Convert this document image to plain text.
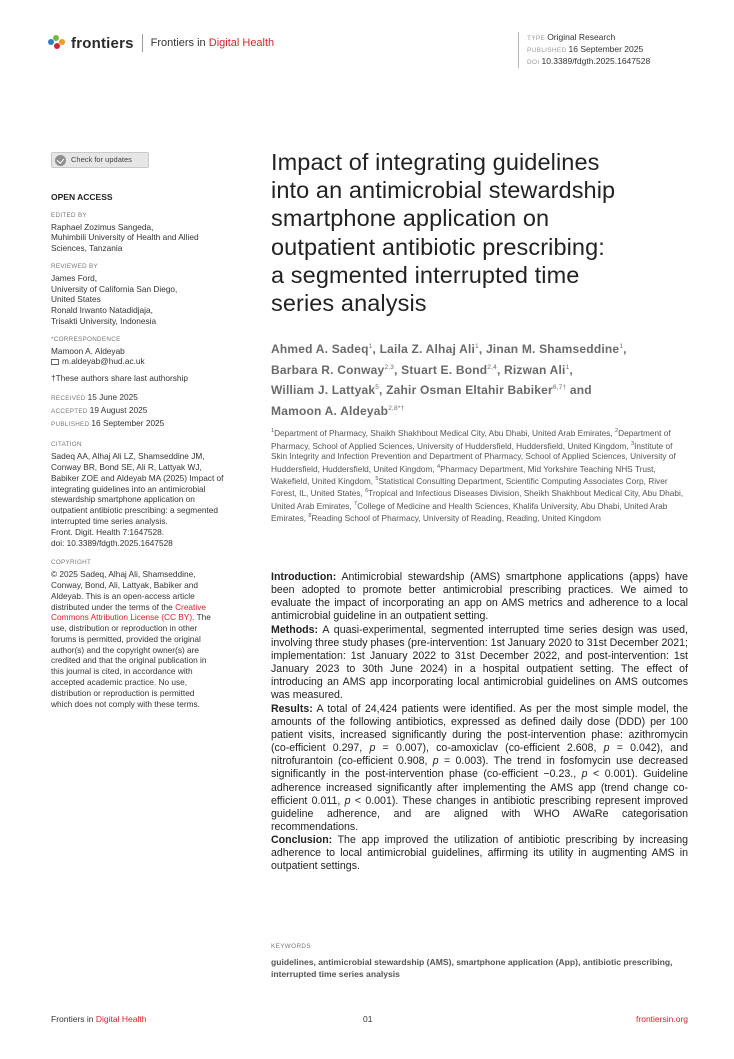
frontiers Frontiers in Digital Health	TYPE Original Research
PUBLISHED 16 September 2025
DOI 10.3389/fdgth.2025.1647528
Check for updates
OPEN ACCESS
EDITED BY
Raphael Zozimus Sangeda,
Muhimbili University of Health and Allied
Sciences, Tanzania
REVIEWED BY
James Ford,
University of California San Diego,
United States
Ronald Irwanto Natadidjaja,
Trisakti University, Indonesia
*CORRESPONDENCE
Mamoon A. Aldeyab
m.aldeyab@hud.ac.uk
†These authors share last authorship
RECEIVED 15 June 2025
ACCEPTED 19 August 2025
PUBLISHED 16 September 2025
CITATION
Sadeq AA, Alhaj Ali LZ, Shamseddine JM,
Conway BR, Bond SE, Ali R, Lattyak WJ,
Babiker ZOE and Aldeyab MA (2025) Impact of
integrating guidelines into an antimicrobial
stewardship smartphone application on
outpatient antibiotic prescribing: a segmented
interrupted time series analysis.
Front. Digit. Health 7:1647528.
doi: 10.3389/fdgth.2025.1647528
COPYRIGHT
© 2025 Sadeq, Alhaj Ali, Shamseddine,
Conway, Bond, Ali, Lattyak, Babiker and
Aldeyab. This is an open-access article
distributed under the terms of the Creative
Commons Attribution License (CC BY). The
use, distribution or reproduction in other
forums is permitted, provided the original
author(s) and the copyright owner(s) are
credited and that the original publication in
this journal is cited, in accordance with
accepted academic practice. No use,
distribution or reproduction is permitted
which does not comply with these terms.
Impact of integrating guidelines
into an antimicrobial stewardship
smartphone application on
outpatient antibiotic prescribing:
a segmented interrupted time
series analysis
Ahmed A. Sadeq$^1$, Laila Z. Alhaj Ali$^1$, Jinan M. Shamseddine$^1$,
Barbara R. Conway$^{2,3}$, Stuart E. Bond$^{2,4}$, Rizwan Ali$^1$,
William J. Lattyak$^5$, Zahir Osman Eltahir Babiker$^{6,7\dagger}$ and
Mamoon A. Aldeyab$^{2,8*\dagger}$
$^1$Department of Pharmacy, Shaikh Shakhbout Medical City, Abu Dhabi, United Arab Emirates, $^2$Department of Pharmacy, School of Applied Sciences, University of Huddersfield, Huddersfield, United Kingdom, $^3$Institute of Skin Integrity and Infection Prevention and Department of Pharmacy, School of Applied Sciences, University of Huddersfield, Huddersfield, United Kingdom, $^4$Pharmacy Department, Mid Yorkshire Teaching NHS Trust, Wakefield, United Kingdom, $^5$Statistical Consulting Department, Scientific Computing Associates Corp, River Forest, IL, United States, $^6$Tropical and Infectious Diseases Division, Sheikh Shakhbout Medical City, Abu Dhabi, United Arab Emirates, $^7$College of Medicine and Health Sciences, Khalifa University, Abu Dhabi, United Arab Emirates, $^8$Reading School of Pharmacy, University of Reading, Reading, United Kingdom

Introduction: Antimicrobial stewardship (AMS) smartphone applications (apps) have been adopted to promote better antimicrobial prescribing practices. We aimed to evaluate the impact of incorporating an app on AMS metrics and adherence to a local antimicrobial guideline in an outpatient setting.

Methods: A quasi-experimental, segmented interrupted time series design was used, involving three study phases (pre-intervention: 1st January 2020 to 31st December 2021; implementation: 1st January 2022 to 31st December 2022, and post-intervention: 1st January 2023 to 30th June 2024) in a hospital outpatient setting. The effect of introducing an AMS app incorporating local antimicrobial guidelines on AMS outcomes was measured.

Results: A total of 24,424 patients were identified. As per the most simple model, the amounts of the following antibiotics, expressed as defined daily dose (DDD) per 100 patient visits, increased significantly during the post-intervention phase: azithromycin (co-efficient 0.297, p = 0.007), co-amoxiclav (co-efficient 2.608, p = 0.042), and nitrofurantoin (co-efficient 0.908, p = 0.003). The trend in fosfomycin use decreased significantly in the post-intervention phase (co-efficient −0.23., p < 0.001). Guideline adherence increased significantly after implementing the AMS app (trend change co-efficient 0.011, p < 0.001). These changes in antibiotic prescribing represent improved guideline adherence, and are aligned with WHO AWaRe categorisation recommendations.

Conclusion: The app improved the utilization of antibiotic prescribing by increasing adherence to local antimicrobial guidelines, affirming its utility in augmenting AMS in outpatient settings.

KEYWORDS
guidelines, antimicrobial stewardship (AMS), smartphone application (App), antibiotic prescribing, interrupted time series analysis
Frontiers in Digital Health	01	frontiersin.org
